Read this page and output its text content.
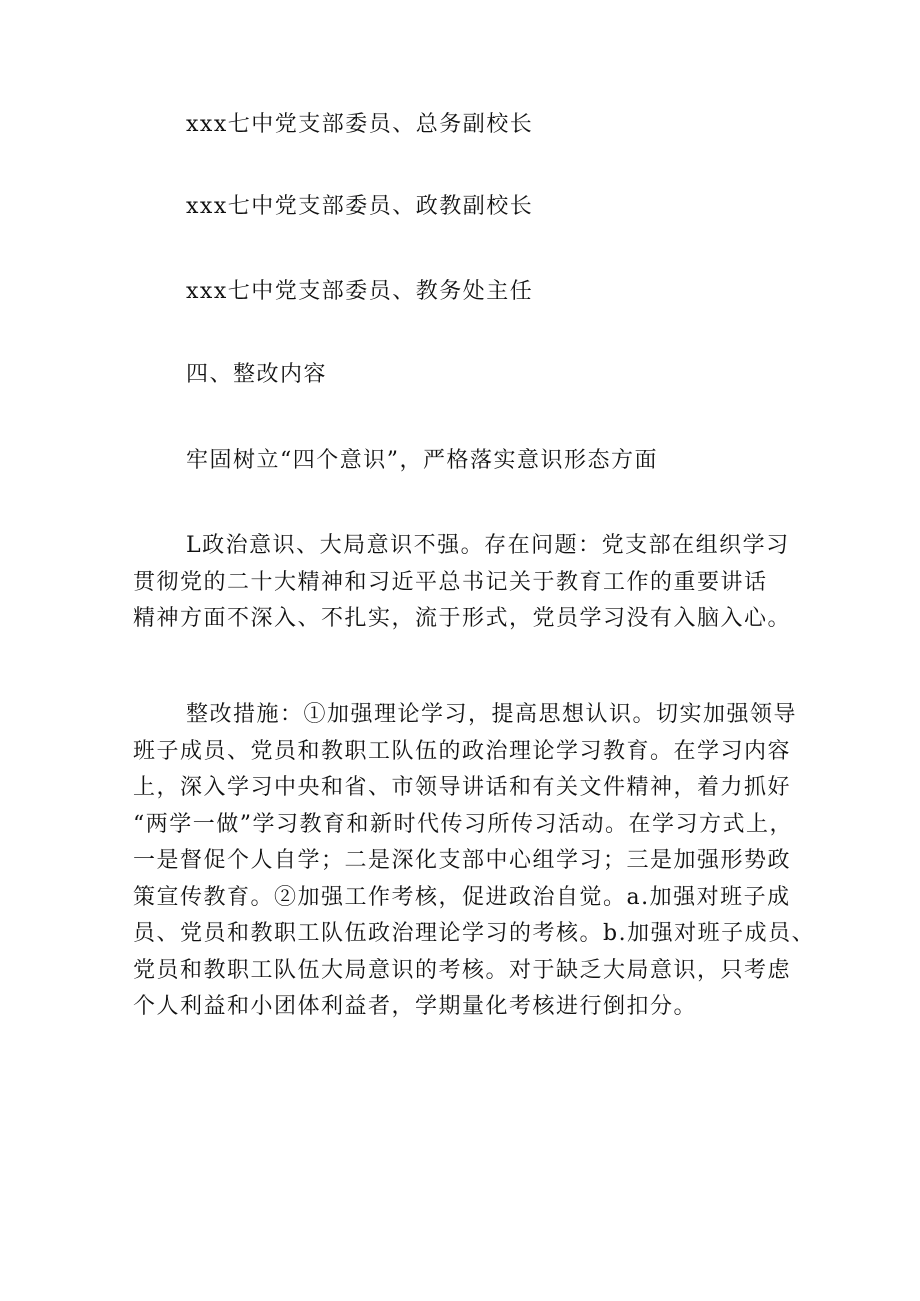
xxx七中党支部委员、总务副校长
xxx七中党支部委员、政教副校长
xxx七中党支部委员、教务处主任
四、整改内容
牢固树立“四个意识”，严格落实意识形态方面
L政治意识、大局意识不强。存在问题：党支部在组织学习
贯彻党的二十大精神和习近平总书记关于教育工作的重要讲话
精神方面不深入、不扎实，流于形式，党员学习没有入脑入心。
整改措施：①加强理论学习，提高思想认识。切实加强领导
班子成员、党员和教职工队伍的政治理论学习教育。在学习内容
上，深入学习中央和省、市领导讲话和有关文件精神，着力抓好
“两学一做”学习教育和新时代传习所传习活动。在学习方式上，
一是督促个人自学；二是深化支部中心组学习；三是加强形势政
策宣传教育。②加强工作考核，促进政治自觉。a.加强对班子成
员、党员和教职工队伍政治理论学习的考核。b.加强对班子成员、
党员和教职工队伍大局意识的考核。对于缺乏大局意识，只考虑
个人利益和小团体利益者，学期量化考核进行倒扣分。
